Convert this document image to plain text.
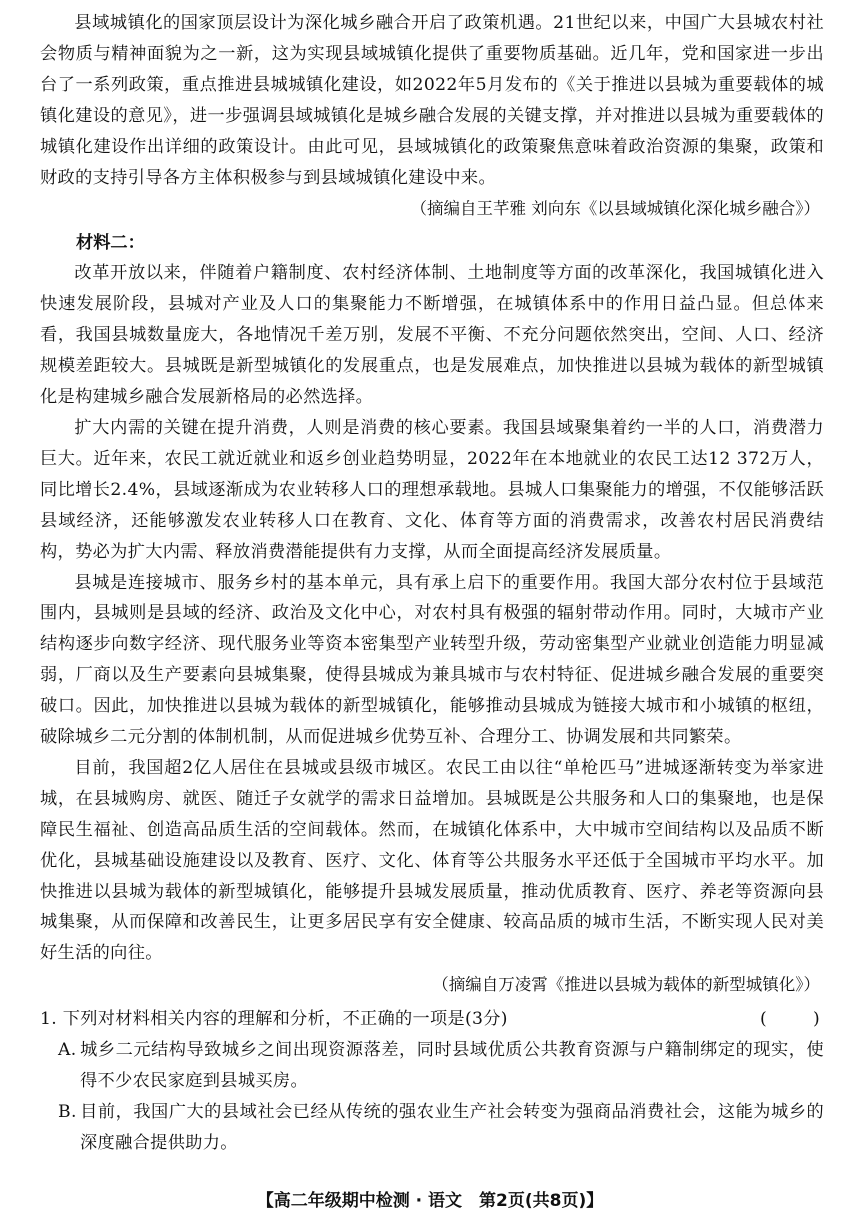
县域城镇化的国家顶层设计为深化城乡融合开启了政策机遇。21世纪以来，中国广大县城农村社会物质与精神面貌为之一新，这为实现县域城镇化提供了重要物质基础。近几年，党和国家进一步出台了一系列政策，重点推进县城城镇化建设，如2022年5月发布的《关于推进以县城为重要载体的城镇化建设的意见》，进一步强调县域城镇化是城乡融合发展的关键支撑，并对推进以县城为重要载体的城镇化建设作出详细的政策设计。由此可见，县域城镇化的政策聚焦意味着政治资源的集聚，政策和财政的支持引导各方主体积极参与到县域城镇化建设中来。

（摘编自王芊雅 刘向东《以县域城镇化深化城乡融合》）

材料二：

改革开放以来，伴随着户籍制度、农村经济体制、土地制度等方面的改革深化，我国城镇化进入快速发展阶段，县城对产业及人口的集聚能力不断增强，在城镇体系中的作用日益凸显。但总体来看，我国县城数量庞大，各地情况千差万别，发展不平衡、不充分问题依然突出，空间、人口、经济规模差距较大。县城既是新型城镇化的发展重点，也是发展难点，加快推进以县城为载体的新型城镇化是构建城乡融合发展新格局的必然选择。

扩大内需的关键在提升消费，人则是消费的核心要素。我国县域聚集着约一半的人口，消费潜力巨大。近年来，农民工就近就业和返乡创业趋势明显，2022年在本地就业的农民工达12 372万人，同比增长2.4%，县域逐渐成为农业转移人口的理想承载地。县城人口集聚能力的增强，不仅能够活跃县域经济，还能够激发农业转移人口在教育、文化、体育等方面的消费需求，改善农村居民消费结构，势必为扩大内需、释放消费潜能提供有力支撑，从而全面提高经济发展质量。

县城是连接城市、服务乡村的基本单元，具有承上启下的重要作用。我国大部分农村位于县域范围内，县城则是县域的经济、政治及文化中心，对农村具有极强的辐射带动作用。同时，大城市产业结构逐步向数字经济、现代服务业等资本密集型产业转型升级，劳动密集型产业就业创造能力明显减弱，厂商以及生产要素向县城集聚，使得县城成为兼具城市与农村特征、促进城乡融合发展的重要突破口。因此，加快推进以县城为载体的新型城镇化，能够推动县城成为链接大城市和小城镇的枢纽，破除城乡二元分割的体制机制，从而促进城乡优势互补、合理分工、协调发展和共同繁荣。

目前，我国超2亿人居住在县城或县级市城区。农民工由以往“单枪匹马”进城逐渐转变为举家进城，在县城购房、就医、随迁子女就学的需求日益增加。县城既是公共服务和人口的集聚地，也是保障民生福祉、创造高品质生活的空间载体。然而，在城镇化体系中，大中城市空间结构以及品质不断优化，县城基础设施建设以及教育、医疗、文化、体育等公共服务水平还低于全国城市平均水平。加快推进以县城为载体的新型城镇化，能够提升县城发展质量，推动优质教育、医疗、养老等资源向县城集聚，从而保障和改善民生，让更多居民享有安全健康、较高品质的城市生活，不断实现人民对美好生活的向往。

（摘编自万凌霄《推进以县城为载体的新型城镇化》）

1. 下列对材料相关内容的理解和分析，不正确的一项是(3分)	(	)

A. 城乡二元结构导致城乡之间出现资源落差，同时县域优质公共教育资源与户籍制绑定的现实，使得不少农民家庭到县城买房。

B. 目前，我国广大的县域社会已经从传统的强农业生产社会转变为强商品消费社会，这能为城乡的深度融合提供助力。

【高二年级期中检测 · 语文　第2页(共8页)】
